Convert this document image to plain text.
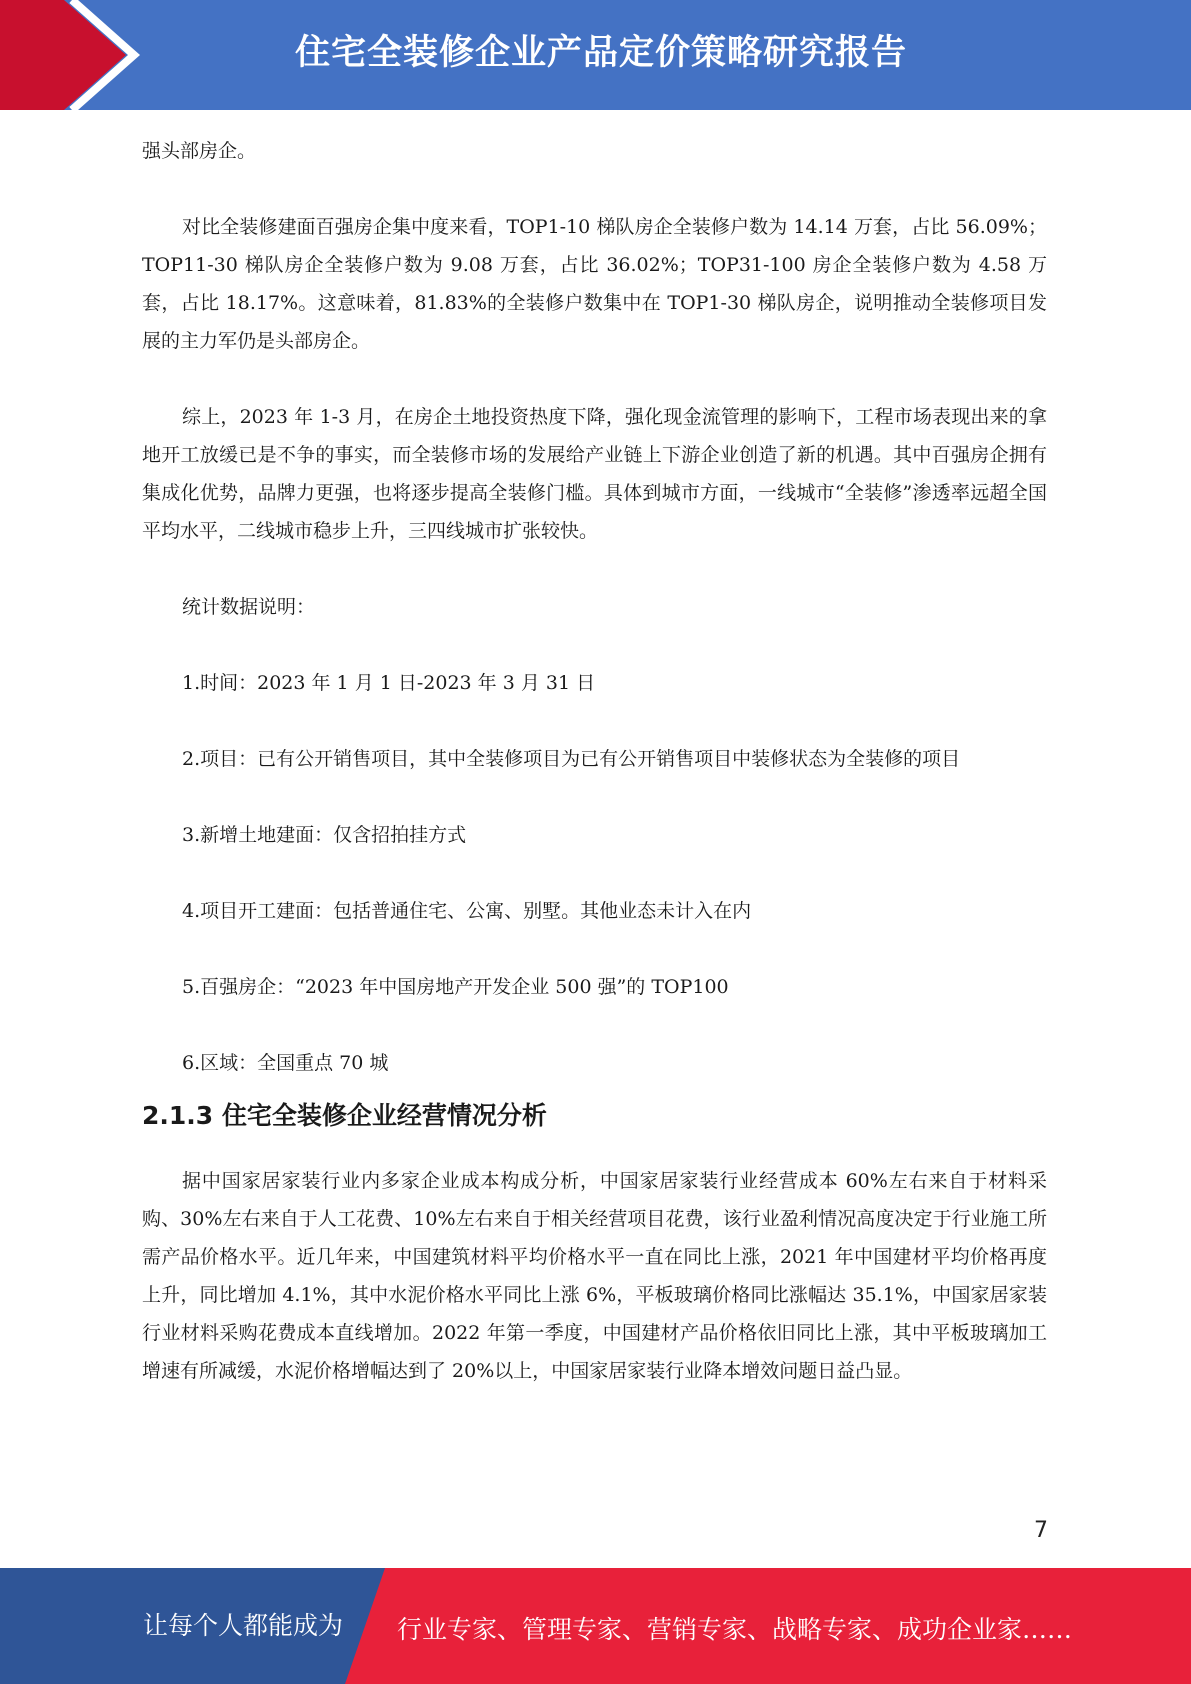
住宅全装修企业产品定价策略研究报告

强头部房企。

对比全装修建面百强房企集中度来看，TOP1-10 梯队房企全装修户数为 14.14 万套，占比 56.09%；TOP11-30 梯队房企全装修户数为 9.08 万套，占比 36.02%；TOP31-100 房企全装修户数为 4.58 万套，占比 18.17%。这意味着，81.83%的全装修户数集中在 TOP1-30 梯队房企，说明推动全装修项目发展的主力军仍是头部房企。

综上，2023 年 1-3 月，在房企土地投资热度下降，强化现金流管理的影响下，工程市场表现出来的拿地开工放缓已是不争的事实，而全装修市场的发展给产业链上下游企业创造了新的机遇。其中百强房企拥有集成化优势，品牌力更强，也将逐步提高全装修门槛。具体到城市方面，一线城市“全装修”渗透率远超全国平均水平，二线城市稳步上升，三四线城市扩张较快。

统计数据说明：

1.时间：2023 年 1 月 1 日-2023 年 3 月 31 日

2.项目：已有公开销售项目，其中全装修项目为已有公开销售项目中装修状态为全装修的项目

3.新增土地建面：仅含招拍挂方式

4.项目开工建面：包括普通住宅、公寓、别墅。其他业态未计入在内

5.百强房企：“2023 年中国房地产开发企业 500 强”的 TOP100

6.区域：全国重点 70 城

2.1.3 住宅全装修企业经营情况分析

据中国家居家装行业内多家企业成本构成分析，中国家居家装行业经营成本 60%左右来自于材料采购、30%左右来自于人工花费、10%左右来自于相关经营项目花费，该行业盈利情况高度决定于行业施工所需产品价格水平。近几年来，中国建筑材料平均价格水平一直在同比上涨，2021 年中国建材平均价格再度上升，同比增加 4.1%，其中水泥价格水平同比上涨 6%，平板玻璃价格同比涨幅达 35.1%，中国家居家装行业材料采购花费成本直线增加。2022 年第一季度，中国建材产品价格依旧同比上涨，其中平板玻璃加工增速有所减缓，水泥价格增幅达到了 20%以上，中国家居家装行业降本增效问题日益凸显。

7
让每个人都能成为 行业专家、管理专家、营销专家、战略专家、成功企业家……
